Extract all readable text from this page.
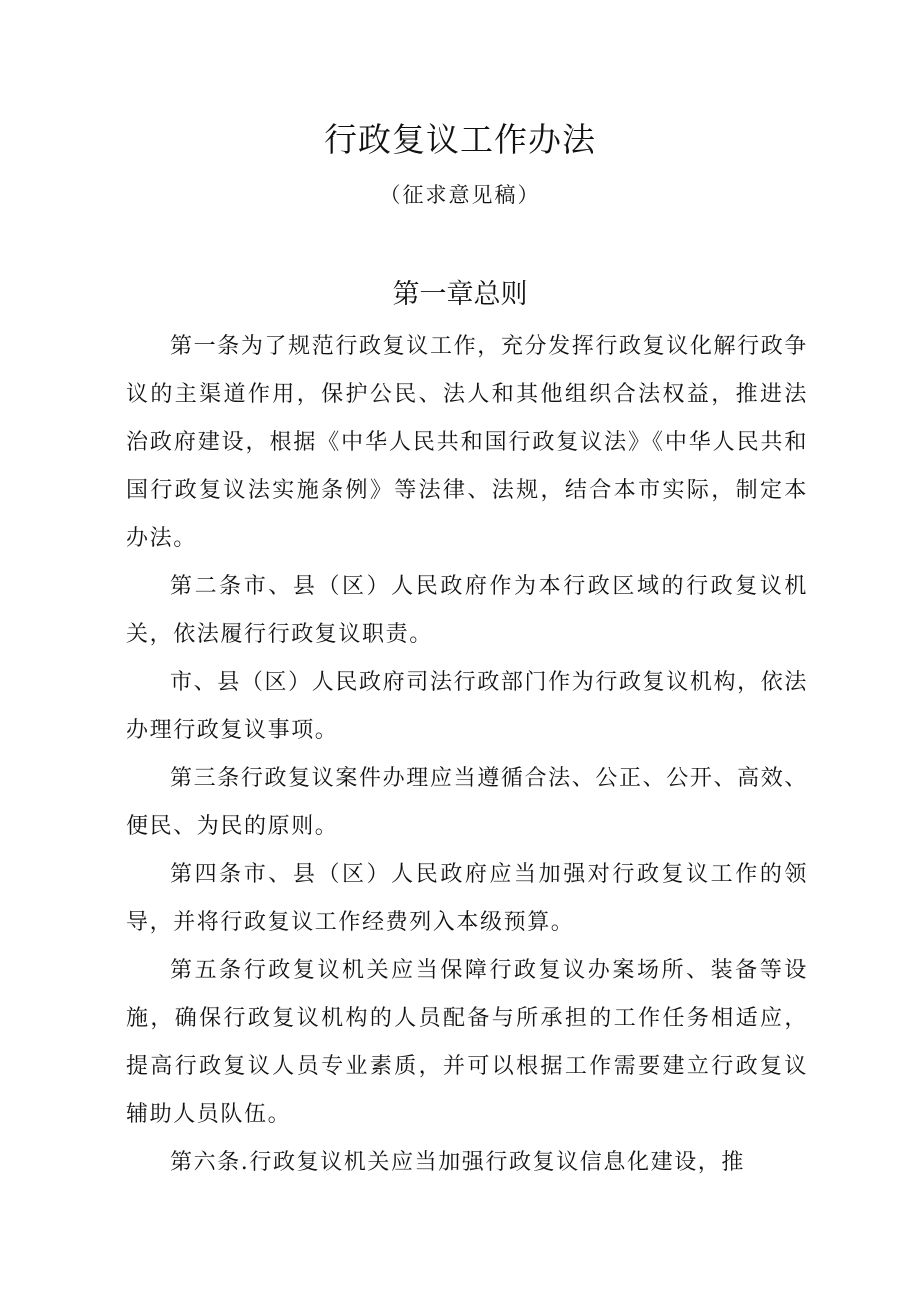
行政复议工作办法
（征求意见稿）
第一章总则

第一条为了规范行政复议工作，充分发挥行政复议化解行政争议的主渠道作用，保护公民、法人和其他组织合法权益，推进法治政府建设，根据《中华人民共和国行政复议法》《中华人民共和国行政复议法实施条例》等法律、法规，结合本市实际，制定本办法。

第二条市、县（区）人民政府作为本行政区域的行政复议机关，依法履行行政复议职责。

市、县（区）人民政府司法行政部门作为行政复议机构，依法办理行政复议事项。

第三条行政复议案件办理应当遵循合法、公正、公开、高效、便民、为民的原则。

第四条市、县（区）人民政府应当加强对行政复议工作的领导，并将行政复议工作经费列入本级预算。

第五条行政复议机关应当保障行政复议办案场所、装备等设施，确保行政复议机构的人员配备与所承担的工作任务相适应，提高行政复议人员专业素质，并可以根据工作需要建立行政复议辅助人员队伍。

第六条.行政复议机关应当加强行政复议信息化建设，推
